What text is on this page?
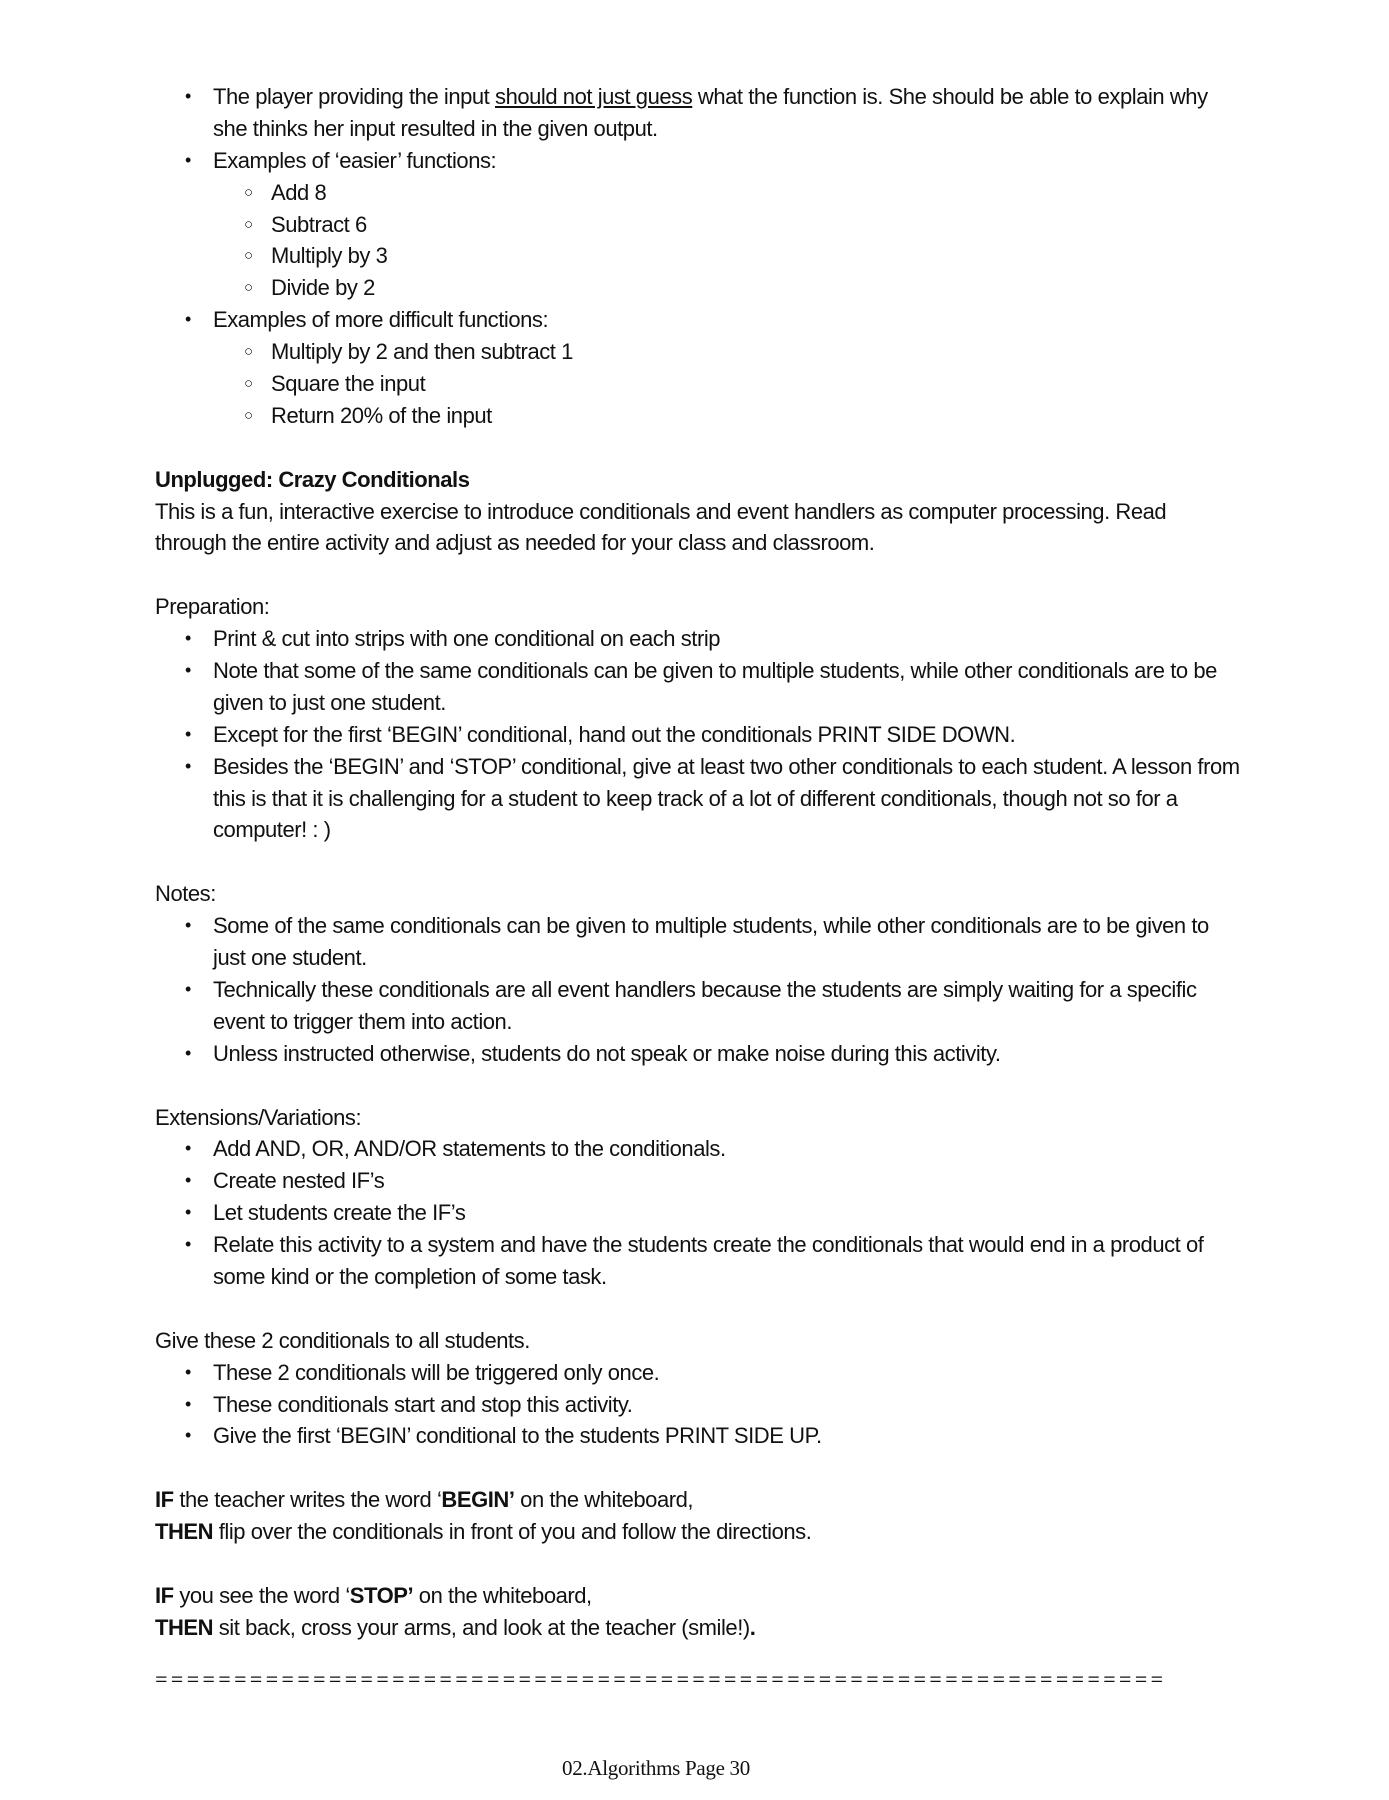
• The player providing the input should not just guess what the function is. She should be able to explain why
she thinks her input resulted in the given output.
• Examples of ‘easier’ functions:
○ Add 8
○ Subtract 6
○ Multiply by 3
○ Divide by 2
• Examples of more difficult functions:
○ Multiply by 2 and then subtract 1
○ Square the input
○ Return 20% of the input
Unplugged: Crazy Conditionals
This is a fun, interactive exercise to introduce conditionals and event handlers as computer processing. Read
through the entire activity and adjust as needed for your class and classroom.
Preparation:
• Print & cut into strips with one conditional on each strip
• Note that some of the same conditionals can be given to multiple students, while other conditionals are to be
given to just one student.
• Except for the first ‘BEGIN’ conditional, hand out the conditionals PRINT SIDE DOWN.
• Besides the ‘BEGIN’ and ‘STOP’ conditional, give at least two other conditionals to each student. A lesson from
this is that it is challenging for a student to keep track of a lot of different conditionals, though not so for a
computer! : )
Notes:
• Some of the same conditionals can be given to multiple students, while other conditionals are to be given to
just one student.
• Technically these conditionals are all event handlers because the students are simply waiting for a specific
event to trigger them into action.
• Unless instructed otherwise, students do not speak or make noise during this activity.
Extensions/Variations:
• Add AND, OR, AND/OR statements to the conditionals.
• Create nested IF’s
• Let students create the IF’s
• Relate this activity to a system and have the students create the conditionals that would end in a product of
some kind or the completion of some task.
Give these 2 conditionals to all students.
• These 2 conditionals will be triggered only once.
• These conditionals start and stop this activity.
• Give the first ‘BEGIN’ conditional to the students PRINT SIDE UP.
IF the teacher writes the word ‘BEGIN’ on the whiteboard,
THEN flip over the conditionals in front of you and follow the directions.
IF you see the word ‘STOP’ on the whiteboard,
THEN sit back, cross your arms, and look at the teacher (smile!).
================================================================
02.Algorithms Page 30
